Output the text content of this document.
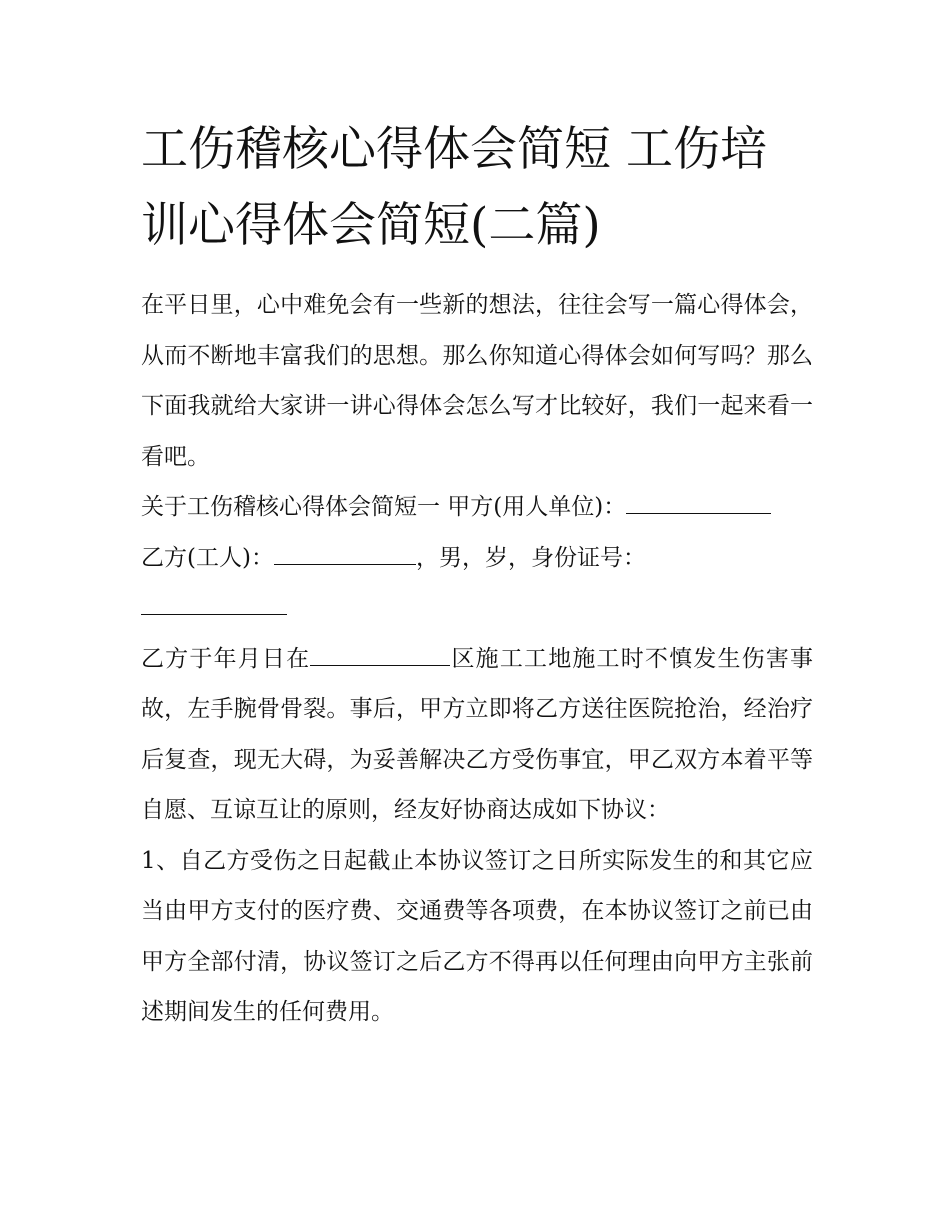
工伤稽核心得体会简短 工伤培训心得体会简短(二篇)

在平日里，心中难免会有一些新的想法，往往会写一篇心得体会，从而不断地丰富我们的思想。那么你知道心得体会如何写吗？那么下面我就给大家讲一讲心得体会怎么写才比较好，我们一起来看一看吧。

关于工伤稽核心得体会简短一 甲方(用人单位)：

乙方(工人)：	，男，岁，身份证号：

乙方于年月日在	区施工工地施工时不慎发生伤害事故，左手腕骨骨裂。事后，甲方立即将乙方送往医院抢治，经治疗后复查，现无大碍，为妥善解决乙方受伤事宜，甲乙双方本着平等自愿、互谅互让的原则，经友好协商达成如下协议：

1、自乙方受伤之日起截止本协议签订之日所实际发生的和其它应当由甲方支付的医疗费、交通费等各项费，在本协议签订之前已由甲方全部付清，协议签订之后乙方不得再以任何理由向甲方主张前述期间发生的任何费用。
